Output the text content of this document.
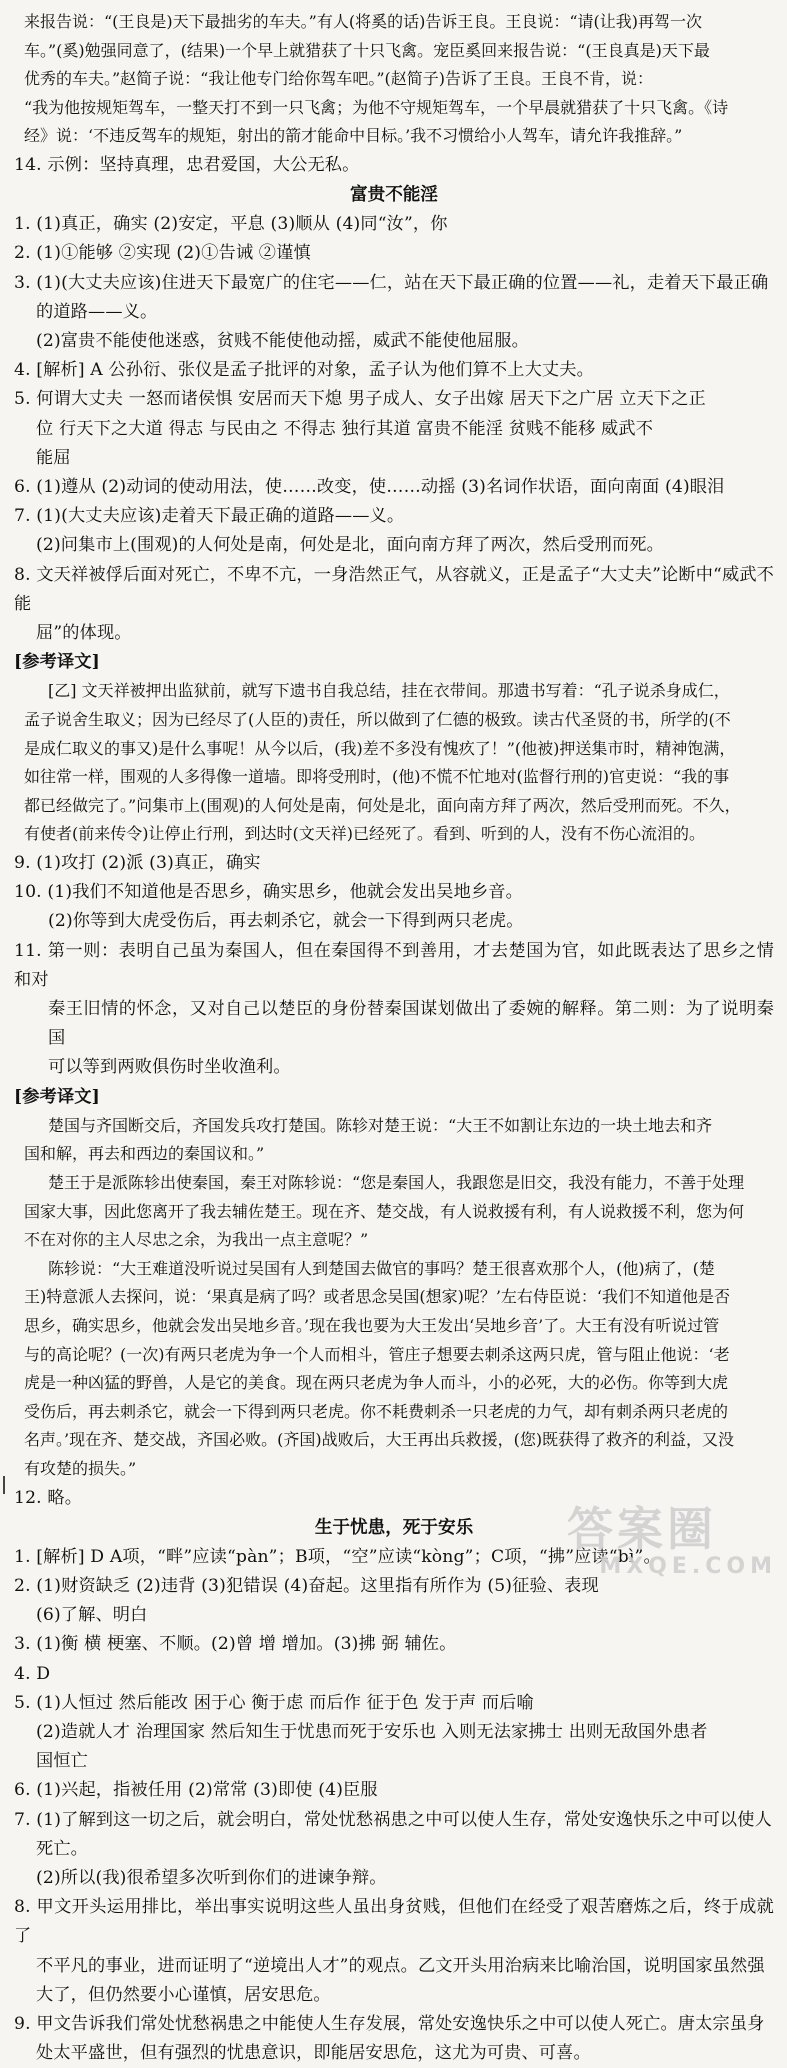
来报告说：“(王良是)天下最拙劣的车夫。”有人(将奚的话)告诉王良。王良说：“请(让我)再驾一次

车。”(奚)勉强同意了，(结果)一个早上就猎获了十只飞禽。宠臣奚回来报告说：“(王良真是)天下最

优秀的车夫。”赵简子说：“我让他专门给你驾车吧。”(赵简子)告诉了王良。王良不肯，说：

“我为他按规矩驾车，一整天打不到一只飞禽；为他不守规矩驾车，一个早晨就猎获了十只飞禽。《诗

经》说：‘不违反驾车的规矩，射出的箭才能命中目标。’我不习惯给小人驾车，请允许我推辞。”

14. 示例：坚持真理，忠君爱国，大公无私。

富贵不能淫

1. (1)真正，确实 (2)安定，平息 (3)顺从 (4)同“汝”，你

2. (1)①能够 ②实现 (2)①告诫 ②谨慎

3. (1)(大丈夫应该)住进天下最宽广的住宅——仁，站在天下最正确的位置——礼，走着天下最正确

的道路——义。

(2)富贵不能使他迷惑，贫贱不能使他动摇，威武不能使他屈服。

4. [解析] A 公孙衍、张仪是孟子批评的对象，孟子认为他们算不上大丈夫。

5. 何谓大丈夫 一怒而诸侯惧 安居而天下熄 男子成人、女子出嫁 居天下之广居 立天下之正

位 行天下之大道 得志 与民由之 不得志 独行其道 富贵不能淫 贫贱不能移 威武不

能屈

6. (1)遵从 (2)动词的使动用法，使……改变，使……动摇 (3)名词作状语，面向南面 (4)眼泪

7. (1)(大丈夫应该)走着天下最正确的道路——义。

(2)问集市上(围观)的人何处是南，何处是北，面向南方拜了两次，然后受刑而死。

8. 文天祥被俘后面对死亡，不卑不亢，一身浩然正气，从容就义，正是孟子“大丈夫”论断中“威武不能

屈”的体现。

[参考译文]

[乙] 文天祥被押出监狱前，就写下遗书自我总结，挂在衣带间。那遗书写着：“孔子说杀身成仁，

孟子说舍生取义；因为已经尽了(人臣的)责任，所以做到了仁德的极致。读古代圣贤的书，所学的(不

是成仁取义的事又)是什么事呢！从今以后，(我)差不多没有愧疚了！”(他被)押送集市时，精神饱满，

如往常一样，围观的人多得像一道墙。即将受刑时，(他)不慌不忙地对(监督行刑的)官吏说：“我的事

都已经做完了。”问集市上(围观)的人何处是南，何处是北，面向南方拜了两次，然后受刑而死。不久，

有使者(前来传令)让停止行刑，到达时(文天祥)已经死了。看到、听到的人，没有不伤心流泪的。

9. (1)攻打 (2)派 (3)真正，确实

10. (1)我们不知道他是否思乡，确实思乡，他就会发出吴地乡音。

(2)你等到大虎受伤后，再去刺杀它，就会一下得到两只老虎。

11. 第一则：表明自己虽为秦国人，但在秦国得不到善用，才去楚国为官，如此既表达了思乡之情和对

秦王旧情的怀念，又对自己以楚臣的身份替秦国谋划做出了委婉的解释。第二则：为了说明秦国

可以等到两败俱伤时坐收渔利。

[参考译文]

楚国与齐国断交后，齐国发兵攻打楚国。陈轸对楚王说：“大王不如割让东边的一块土地去和齐

国和解，再去和西边的秦国议和。”

楚王于是派陈轸出使秦国，秦王对陈轸说：“您是秦国人，我跟您是旧交，我没有能力，不善于处理

国家大事，因此您离开了我去辅佐楚王。现在齐、楚交战，有人说救援有利，有人说救援不利，您为何

不在对你的主人尽忠之余，为我出一点主意呢？”

陈轸说：“大王难道没听说过吴国有人到楚国去做官的事吗？楚王很喜欢那个人，(他)病了，(楚

王)特意派人去探问，说：‘果真是病了吗？或者思念吴国(想家)呢？’左右侍臣说：‘我们不知道他是否

思乡，确实思乡，他就会发出吴地乡音。’现在我也要为大王发出‘吴地乡音’了。大王有没有听说过管

与的高论呢？(一次)有两只老虎为争一个人而相斗，管庄子想要去刺杀这两只虎，管与阻止他说：‘老

虎是一种凶猛的野兽，人是它的美食。现在两只老虎为争人而斗，小的必死，大的必伤。你等到大虎

受伤后，再去刺杀它，就会一下得到两只老虎。你不耗费刺杀一只老虎的力气，却有刺杀两只老虎的

名声。’现在齐、楚交战，齐国必败。(齐国)战败后，大王再出兵救援，(您)既获得了救齐的利益，又没

有攻楚的损失。”

12. 略。

生于忧患，死于安乐

1. [解析] D A项，“畔”应读“pàn”；B项，“空”应读“kòng”；C项，“拂”应读“bì”。

2. (1)财资缺乏 (2)违背 (3)犯错误 (4)奋起。这里指有所作为 (5)征验、表现

(6)了解、明白

3. (1)衡 横 梗塞、不顺。(2)曾 增 增加。(3)拂 弼 辅佐。

4. D

5. (1)人恒过 然后能改 困于心 衡于虑 而后作 征于色 发于声 而后喻

(2)造就人才 治理国家 然后知生于忧患而死于安乐也 入则无法家拂士 出则无敌国外患者

国恒亡

6. (1)兴起，指被任用 (2)常常 (3)即使 (4)臣服

7. (1)了解到这一切之后，就会明白，常处忧愁祸患之中可以使人生存，常处安逸快乐之中可以使人

死亡。

(2)所以(我)很希望多次听到你们的进谏争辩。

8. 甲文开头运用排比，举出事实说明这些人虽出身贫贱，但他们在经受了艰苦磨炼之后，终于成就了

不平凡的事业，进而证明了“逆境出人才”的观点。乙文开头用治病来比喻治国，说明国家虽然强

大了，但仍然要小心谨慎，居安思危。

9. 甲文告诉我们常处忧愁祸患之中能使人生存发展，常处安逸快乐之中可以使人死亡。唐太宗虽身

处太平盛世，但有强烈的忧患意识，即能居安思危，这尤为可贵、可喜。

答案圈
MXQE.COM
